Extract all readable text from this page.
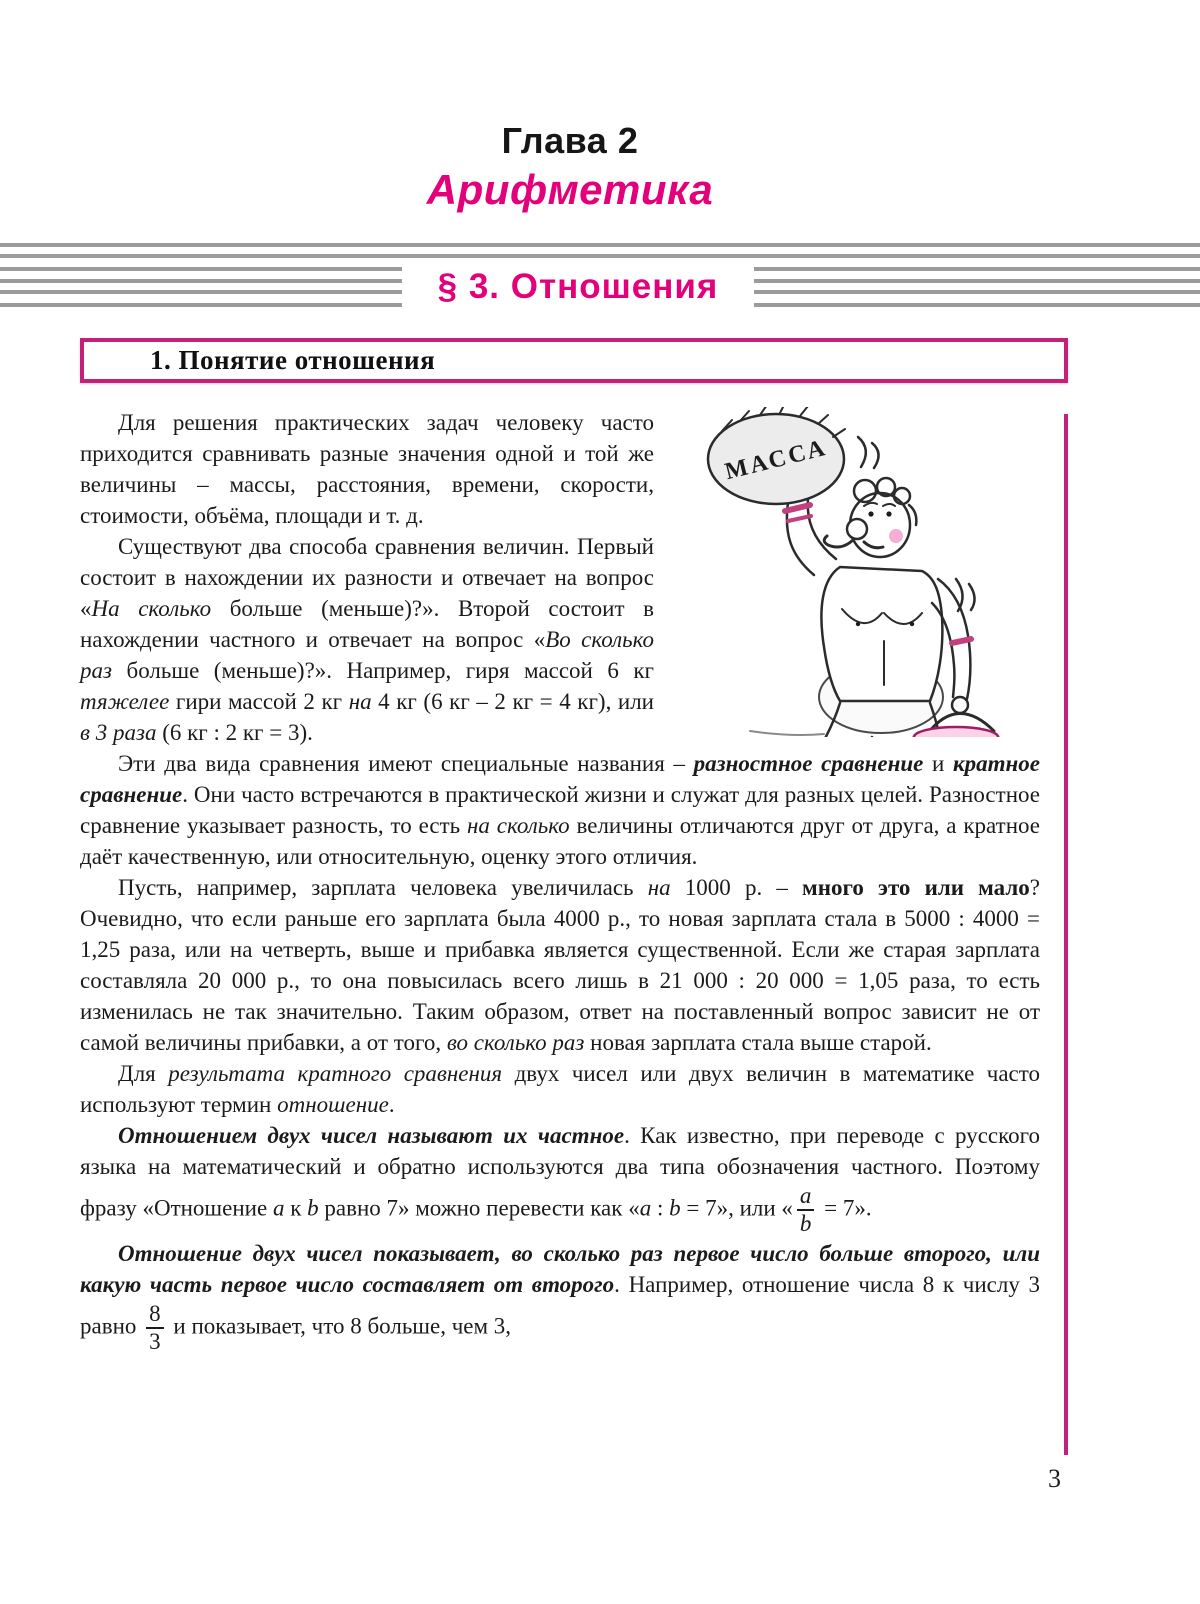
Глава 2
Арифметика
§ 3. Отношения
1. Понятие отношения
МАССА

Для решения практических задач человеку часто приходится сравнивать разные значения одной и той же величины – массы, расстояния, времени, скорости, стоимости, объёма, площади и т. д.

Существуют два способа сравнения величин. Первый состоит в нахождении их разности и отвечает на вопрос «На сколько больше (меньше)?». Второй состоит в нахождении частного и отвечает на вопрос «Во сколько раз больше (меньше)?». Например, гиря массой 6 кг тяжелее гири массой 2 кг на 4 кг (6 кг – 2 кг = 4 кг), или в 3 раза (6 кг : 2 кг = 3).

Эти два вида сравнения имеют специальные названия – разностное сравнение и кратное сравнение. Они часто встречаются в практической жизни и служат для разных целей. Разностное сравнение указывает разность, то есть на сколько величины отличаются друг от друга, а кратное даёт качественную, или относительную, оценку этого отличия.

Пусть, например, зарплата человека увеличилась на 1000 р. – много это или мало? Очевидно, что если раньше его зарплата была 4000 р., то новая зарплата стала в 5000 : 4000 = 1,25 раза, или на четверть, выше и прибавка является существенной. Если же старая зарплата составляла 20 000 р., то она повысилась всего лишь в 21 000 : 20 000 = 1,05 раза, то есть изменилась не так значительно. Таким образом, ответ на поставленный вопрос зависит не от самой величины прибавки, а от того, во сколько раз новая зарплата стала выше старой.

Для результата кратного сравнения двух чисел или двух величин в математике часто используют термин отношение.

Отношением двух чисел называют их частное. Как известно, при переводе с русского языка на математический и обратно используются два типа обозначения частного. Поэтому фразу «Отношение a к b равно 7» можно перевести как «a : b = 7», или « $\frac{a}{b} = 7$».

Отношение двух чисел показывает, во сколько раз первое число больше второго, или какую часть первое число составляет от второго. Например, отношение числа 8 к числу 3 равно $\frac{8}{3}$ и показывает, что 8 больше, чем 3,

3
